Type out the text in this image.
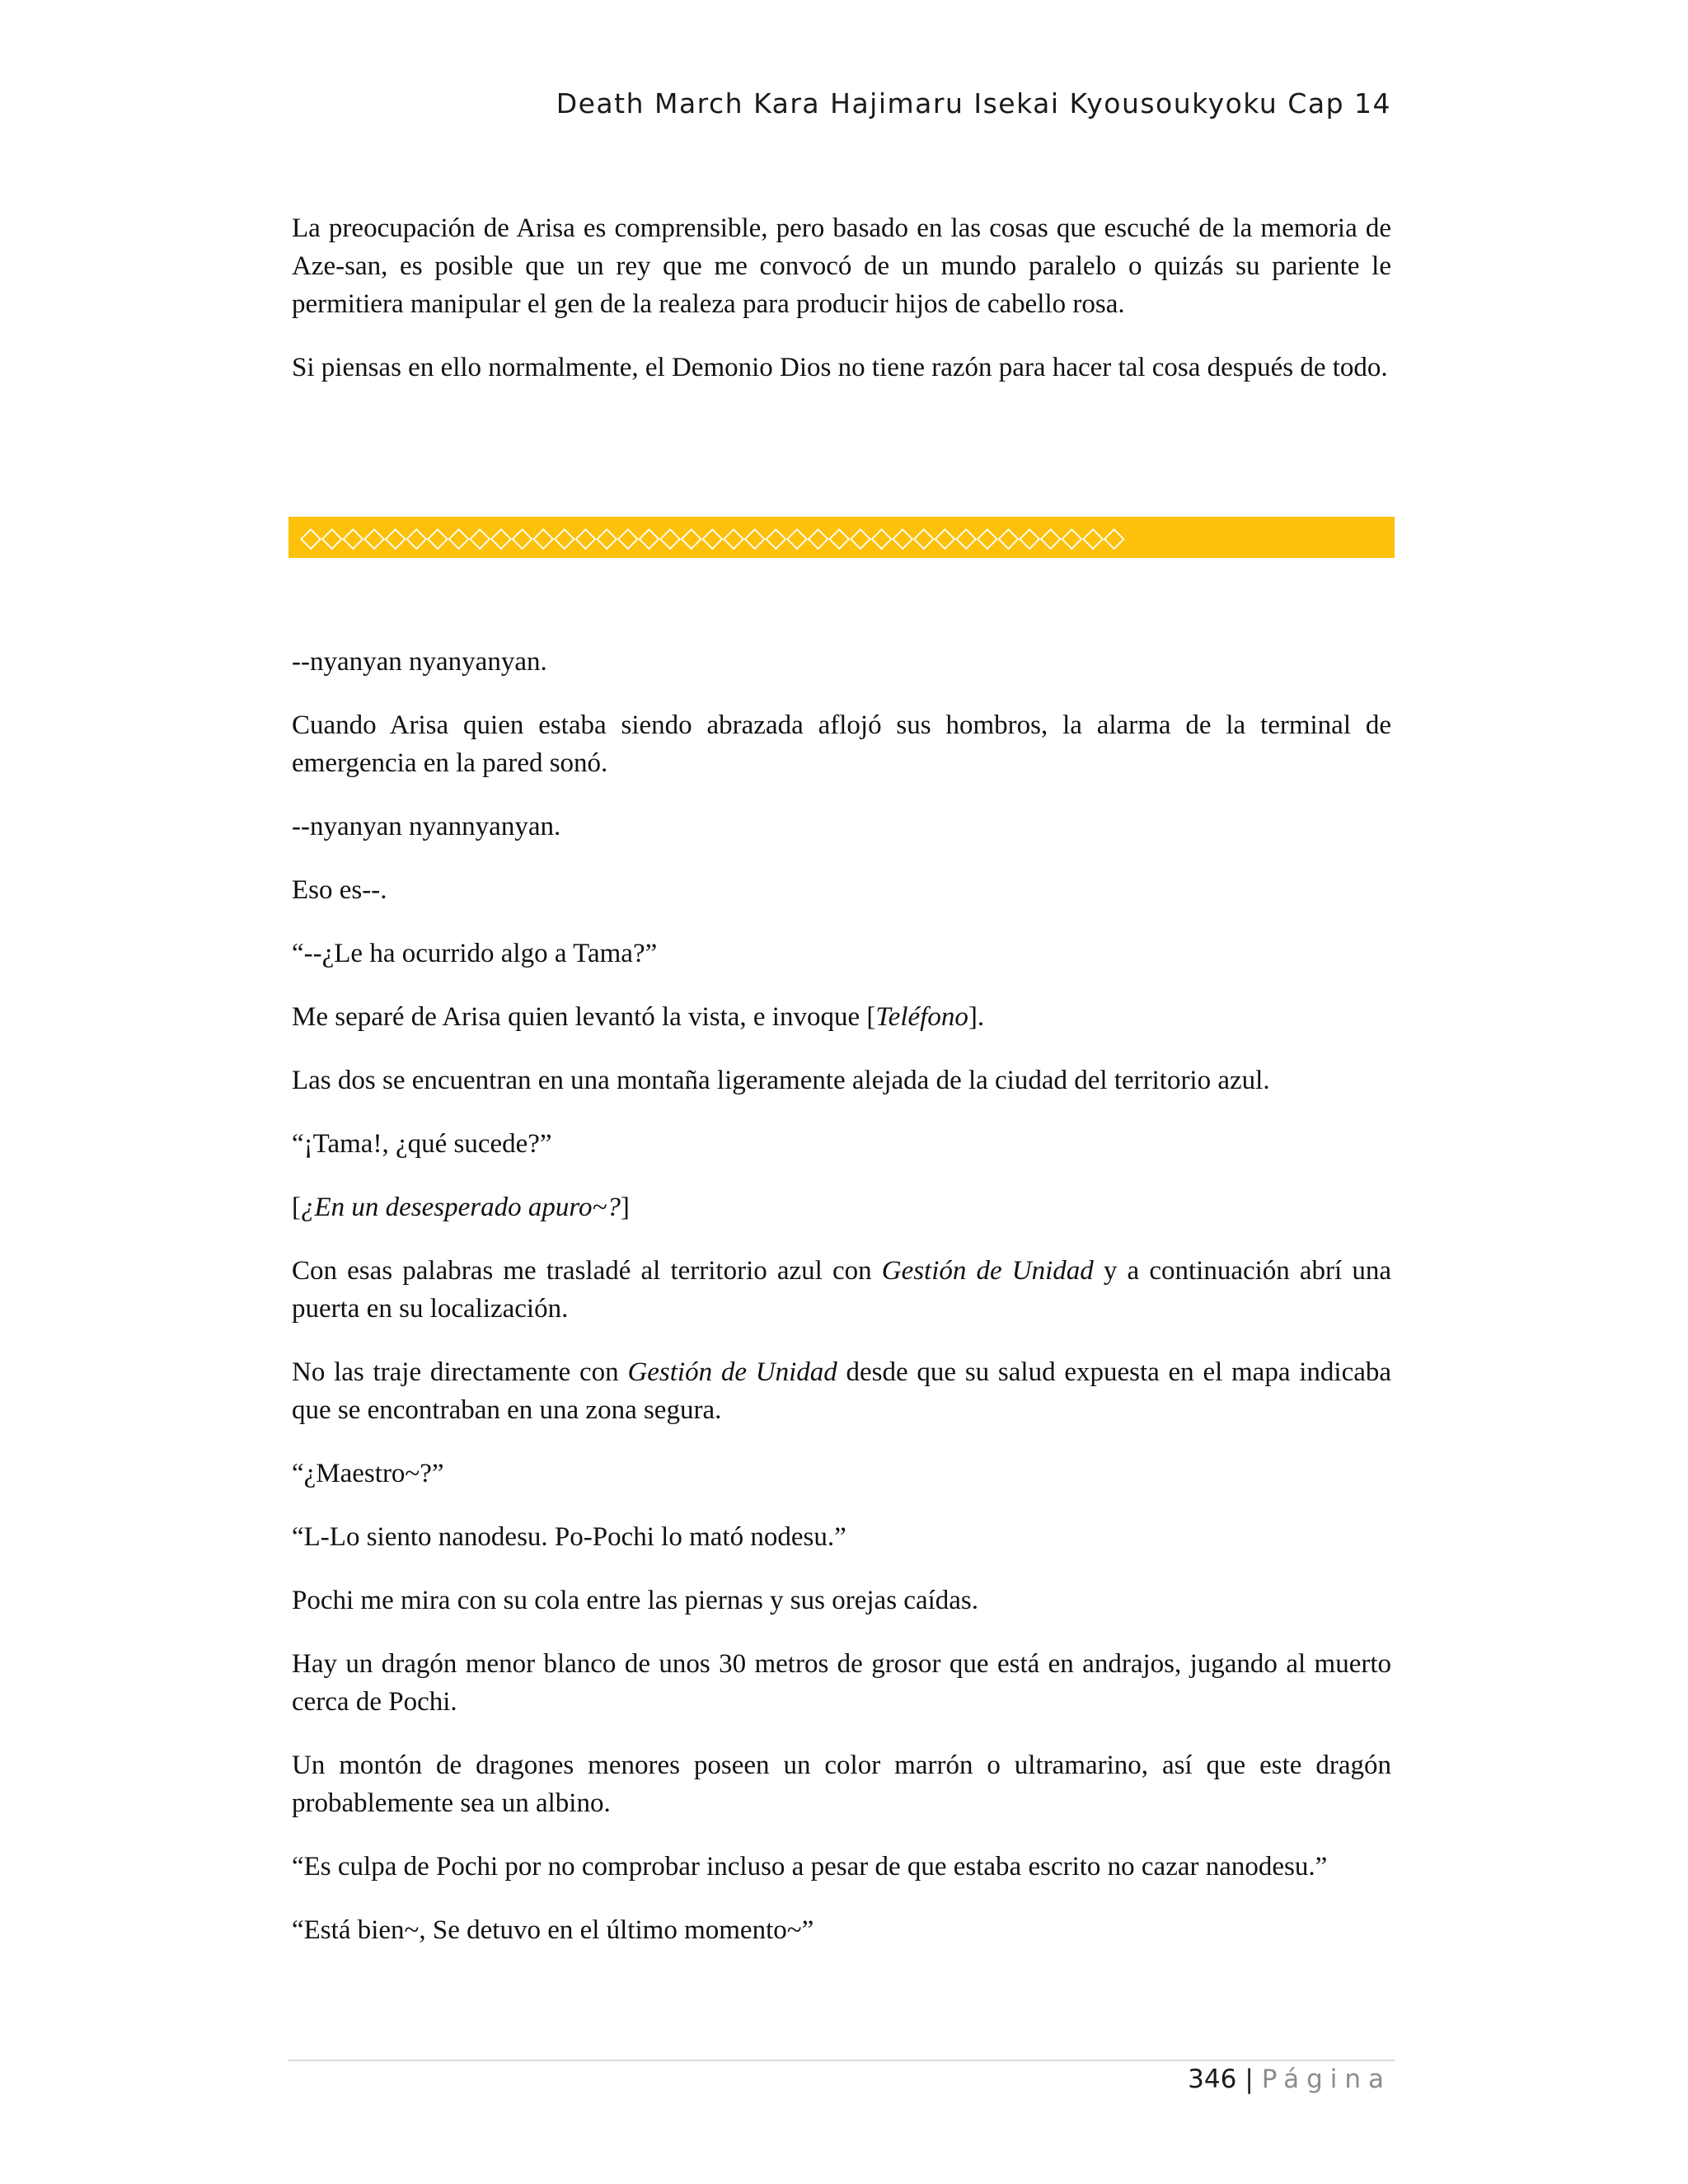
Death March Kara Hajimaru Isekai Kyousoukyoku Cap 14

La preocupación de Arisa es comprensible, pero basado en las cosas que escuché de la memoria de Aze-san, es posible que un rey que me convocó de un mundo paralelo o quizás su pariente le permitiera manipular el gen de la realeza para producir hijos de cabello rosa.

Si piensas en ello normalmente, el Demonio Dios no tiene razón para hacer tal cosa después de todo.

◇◇◇◇◇◇◇◇◇◇◇◇◇◇◇◇◇◇◇◇◇◇◇◇◇◇◇◇◇◇◇◇◇◇◇◇◇◇◇

--nyanyan nyanyanyan.

Cuando Arisa quien estaba siendo abrazada aflojó sus hombros, la alarma de la terminal de emergencia en la pared sonó.

--nyanyan nyannyanyan.

Eso es--.

“--¿Le ha ocurrido algo a Tama?”

Me separé de Arisa quien levantó la vista, e invoque [Teléfono].

Las dos se encuentran en una montaña ligeramente alejada de la ciudad del territorio azul.

“¡Tama!, ¿qué sucede?”

[¿En un desesperado apuro~?]

Con esas palabras me trasladé al territorio azul con Gestión de Unidad y a continuación abrí una puerta en su localización.

No las traje directamente con Gestión de Unidad desde que su salud expuesta en el mapa indicaba que se encontraban en una zona segura.

“¿Maestro~?”

“L-Lo siento nanodesu. Po-Pochi lo mató nodesu.”

Pochi me mira con su cola entre las piernas y sus orejas caídas.

Hay un dragón menor blanco de unos 30 metros de grosor que está en andrajos, jugando al muerto cerca de Pochi.

Un montón de dragones menores poseen un color marrón o ultramarino, así que este dragón probablemente sea un albino.

“Es culpa de Pochi por no comprobar incluso a pesar de que estaba escrito no cazar nanodesu.”

“Está bien~, Se detuvo en el último momento~”

346 | Página
